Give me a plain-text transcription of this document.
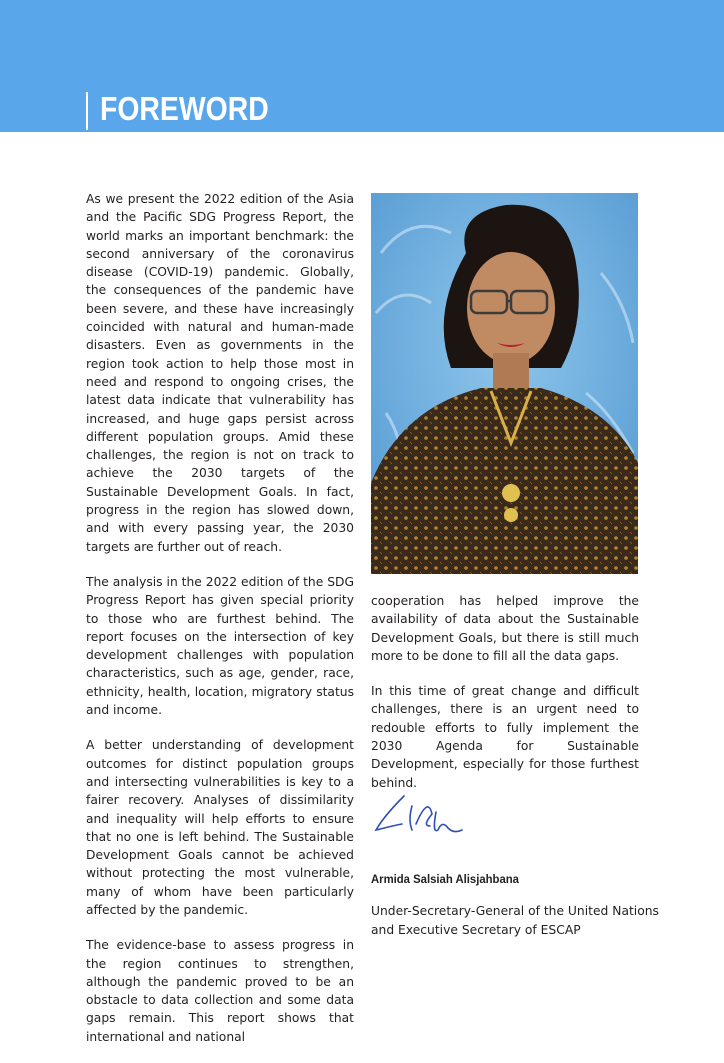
FOREWORD

As we present the 2022 edition of the Asia and the Pacific SDG Progress Report, the world marks an important benchmark: the second anniversary of the coronavirus disease (COVID-19) pandemic. Globally, the consequences of the pandemic have been severe, and these have increasingly coincided with natural and human-made disasters. Even as governments in the region took action to help those most in need and respond to ongoing crises, the latest data indicate that vulnerability has increased, and huge gaps persist across different population groups. Amid these challenges, the region is not on track to achieve the 2030 targets of the Sustainable Development Goals. In fact, progress in the region has slowed down, and with every passing year, the 2030 targets are further out of reach.

The analysis in the 2022 edition of the SDG Progress Report has given special priority to those who are furthest behind. The report focuses on the intersection of key development challenges with population characteristics, such as age, gender, race, ethnicity, health, location, migratory status and income.

A better understanding of development outcomes for distinct population groups and intersecting vulnerabilities is key to a fairer recovery. Analyses of dissimilarity and inequality will help efforts to ensure that no one is left behind. The Sustainable Development Goals cannot be achieved without protecting the most vulnerable, many of whom have been particularly affected by the pandemic.

The evidence-base to assess progress in the region continues to strengthen, although the pandemic proved to be an obstacle to data collection and some data gaps remain. This report shows that international and national

cooperation has helped improve the availability of data about the Sustainable Development Goals, but there is still much more to be done to fill all the data gaps.

In this time of great change and difficult challenges, there is an urgent need to redouble efforts to fully implement the 2030 Agenda for Sustainable Development, especially for those furthest behind.

Armida Salsiah Alisjahbana
Under-Secretary-General of the United Nations and Executive Secretary of ESCAP
